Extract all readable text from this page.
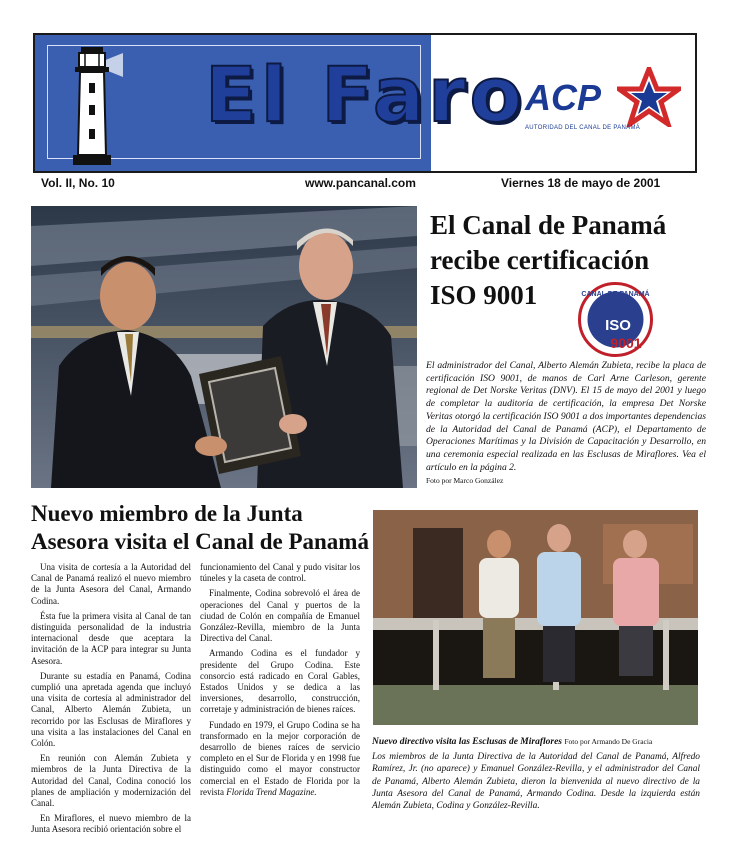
El Faro ACP
AUTORIDAD DEL CANAL DE PANAMÁ
Vol. II, No. 10	www.pancanal.com	Viernes 18 de mayo de 2001
El Canal de Panamá recibe certificación ISO 9001	CANAL DE PANAMÁ
ISO
9001
El administrador del Canal, Alberto Alemán Zubieta, recibe la placa de certificación ISO 9001, de manos de Carl Arne Carleson, gerente regional de Det Norske Veritas (DNV). El 15 de mayo del 2001 y luego de completar la auditoría de certificación, la empresa Det Norske Veritas otorgó la certificación ISO 9001 a dos importantes dependencias de la Autoridad del Canal de Panamá (ACP), el Departamento de Operaciones Marítimas y la División de Capacitación y Desarrollo, en una ceremonia especial realizada en las Esclusas de Miraflores. Vea el artículo en la página 2.
Foto por Marco González
Nuevo miembro de la Junta Asesora visita el Canal de Panamá

Una visita de cortesía a la Autoridad del Canal de Panamá realizó el nuevo miembro de la Junta Asesora del Canal, Armando Codina.

Ésta fue la primera visita al Canal de tan distinguida personalidad de la industria internacional desde que aceptara la invitación de la ACP para integrar su Junta Asesora.

Durante su estadía en Panamá, Codina cumplió una apretada agenda que incluyó una visita de cortesía al administrador del Canal, Alberto Alemán Zubieta, un recorrido por las Esclusas de Miraflores y una visita a las instalaciones del Canal en Colón.

En reunión con Alemán Zubieta y miembros de la Junta Directiva de la Autoridad del Canal, Codina conoció los planes de ampliación y modernización del Canal.

En Miraflores, el nuevo miembro de la Junta Asesora recibió orientación sobre el

funcionamiento del Canal y pudo visitar los túneles y la caseta de control.

Finalmente, Codina sobrevoló el área de operaciones del Canal y puertos de la ciudad de Colón en compañía de Emanuel González-Revilla, miembro de la Junta Directiva del Canal.

Armando Codina es el fundador y presidente del Grupo Codina. Este consorcio está radicado en Coral Gables, Estados Unidos y se dedica a las inversiones, desarrollo, construcción, corretaje y administración de bienes raíces.

Fundado en 1979, el Grupo Codina se ha transformado en la mejor corporación de desarrollo de bienes raíces de servicio completo en el Sur de Florida y en 1998 fue distinguido como el mayor constructor comercial en el Estado de Florida por la revista Florida Trend Magazine.

Nuevo directivo visita las Esclusas de Miraflores Foto por Armando De Gracia
Los miembros de la Junta Directiva de la Autoridad del Canal de Panamá, Alfredo Ramírez, Jr. (no aparece) y Emanuel González-Revilla, y el administrador del Canal de Panamá, Alberto Alemán Zubieta, dieron la bienvenida al nuevo directivo de la Junta Asesora del Canal de Panamá, Armando Codina. Desde la izquierda están Alemán Zubieta, Codina y González-Revilla.
